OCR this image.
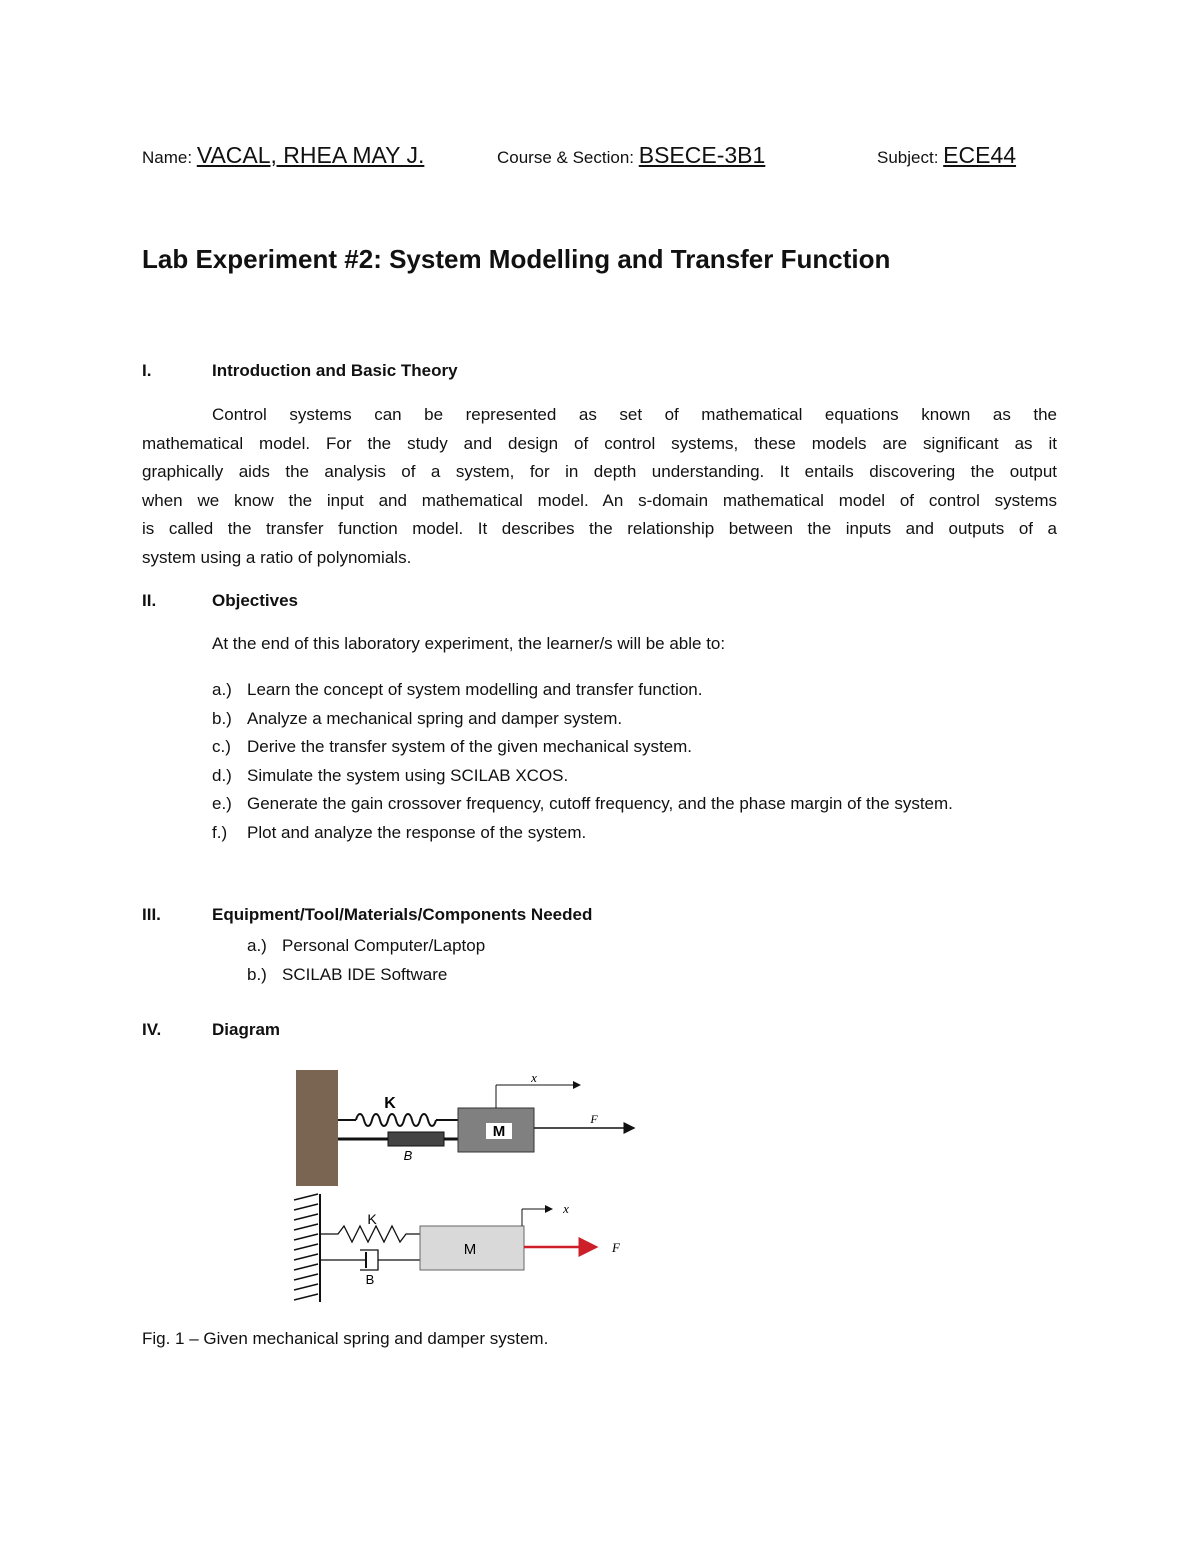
Name: VACAL, RHEA MAY J.	Course & Section: BSECE-3B1	Subject: ECE44
Lab Experiment #2: System Modelling and Transfer Function
I.	Introduction and Basic Theory
Control systems can be represented as set of mathematical equations known as the
mathematical model. For the study and design of control systems, these models are significant as it
graphically aids the analysis of a system, for in depth understanding. It entails discovering the output
when we know the input and mathematical model. An s-domain mathematical model of control systems
is called the transfer function model. It describes the relationship between the inputs and outputs of a
system using a ratio of polynomials.
II.	Objectives
At the end of this laboratory experiment, the learner/s will be able to:
a.) Learn the concept of system modelling and transfer function.
b.) Analyze a mechanical spring and damper system.
c.) Derive the transfer system of the given mechanical system.
d.) Simulate the system using SCILAB XCOS.
e.) Generate the gain crossover frequency, cutoff frequency, and the phase margin of the system.
f.) Plot and analyze the response of the system.
III.	Equipment/Tool/Materials/Components Needed
a.) Personal Computer/Laptop
b.) SCILAB IDE Software
IV.	Diagram
K
B
M
F
x
K
B
M	F
x
Fig. 1 – Given mechanical spring and damper system.
